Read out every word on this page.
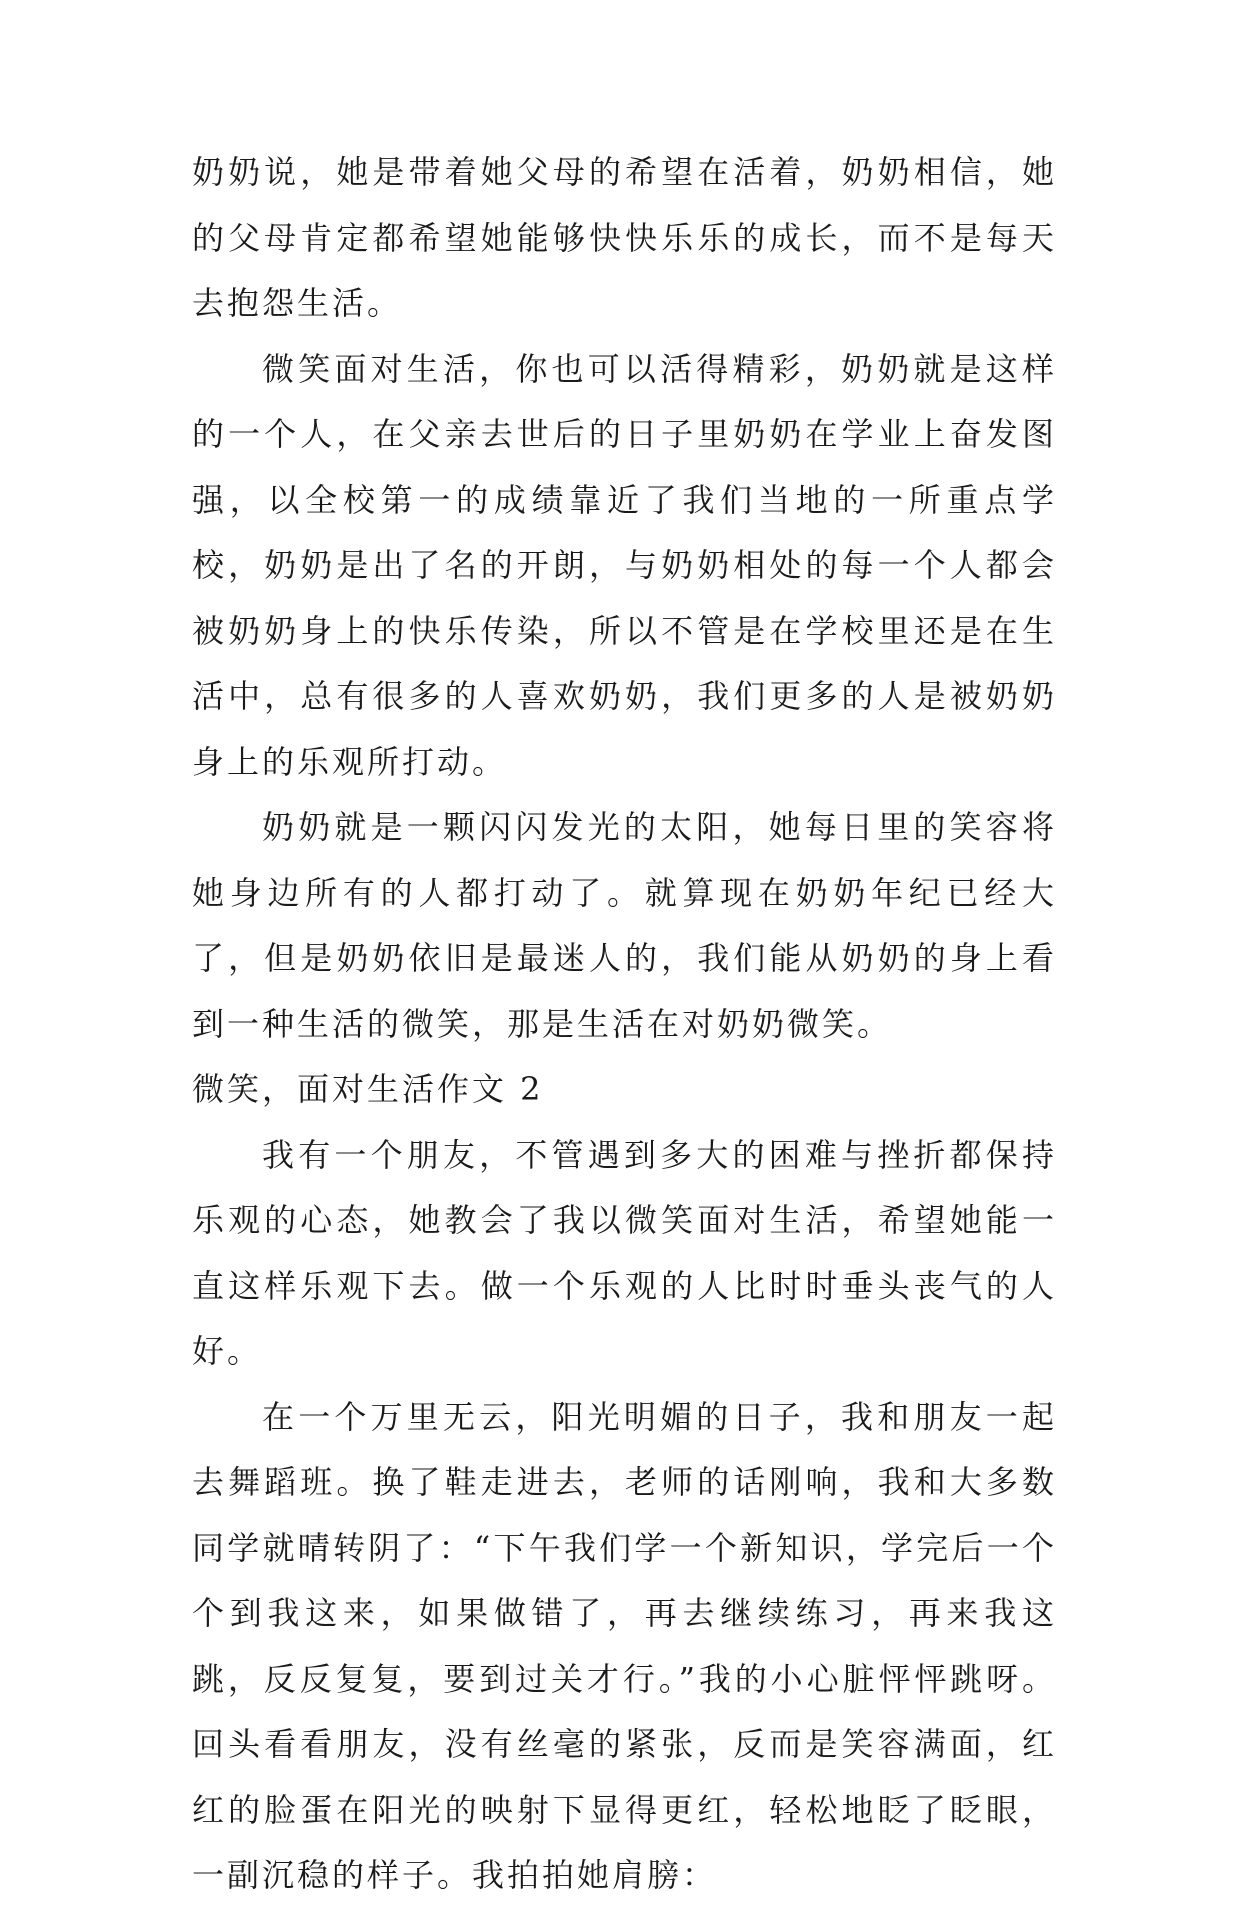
奶奶说，她是带着她父母的希望在活着，奶奶相信，她的父母肯定都希望她能够快快乐乐的成长，而不是每天去抱怨生活。

微笑面对生活，你也可以活得精彩，奶奶就是这样的一个人，在父亲去世后的日子里奶奶在学业上奋发图强，以全校第一的成绩靠近了我们当地的一所重点学校，奶奶是出了名的开朗，与奶奶相处的每一个人都会被奶奶身上的快乐传染，所以不管是在学校里还是在生活中，总有很多的人喜欢奶奶，我们更多的人是被奶奶身上的乐观所打动。

奶奶就是一颗闪闪发光的太阳，她每日里的笑容将她身边所有的人都打动了。就算现在奶奶年纪已经大了，但是奶奶依旧是最迷人的，我们能从奶奶的身上看到一种生活的微笑，那是生活在对奶奶微笑。

微笑，面对生活作文 2

我有一个朋友，不管遇到多大的困难与挫折都保持乐观的心态，她教会了我以微笑面对生活，希望她能一直这样乐观下去。做一个乐观的人比时时垂头丧气的人好。

在一个万里无云，阳光明媚的日子，我和朋友一起去舞蹈班。换了鞋走进去，老师的话刚响，我和大多数同学就晴转阴了：“下午我们学一个新知识，学完后一个个到我这来，如果做错了，再去继续练习，再来我这跳，反反复复，要到过关才行。”我的小心脏怦怦跳呀。回头看看朋友，没有丝毫的紧张，反而是笑容满面，红红的脸蛋在阳光的映射下显得更红，轻松地眨了眨眼，一副沉稳的样子。我拍拍她肩膀：
